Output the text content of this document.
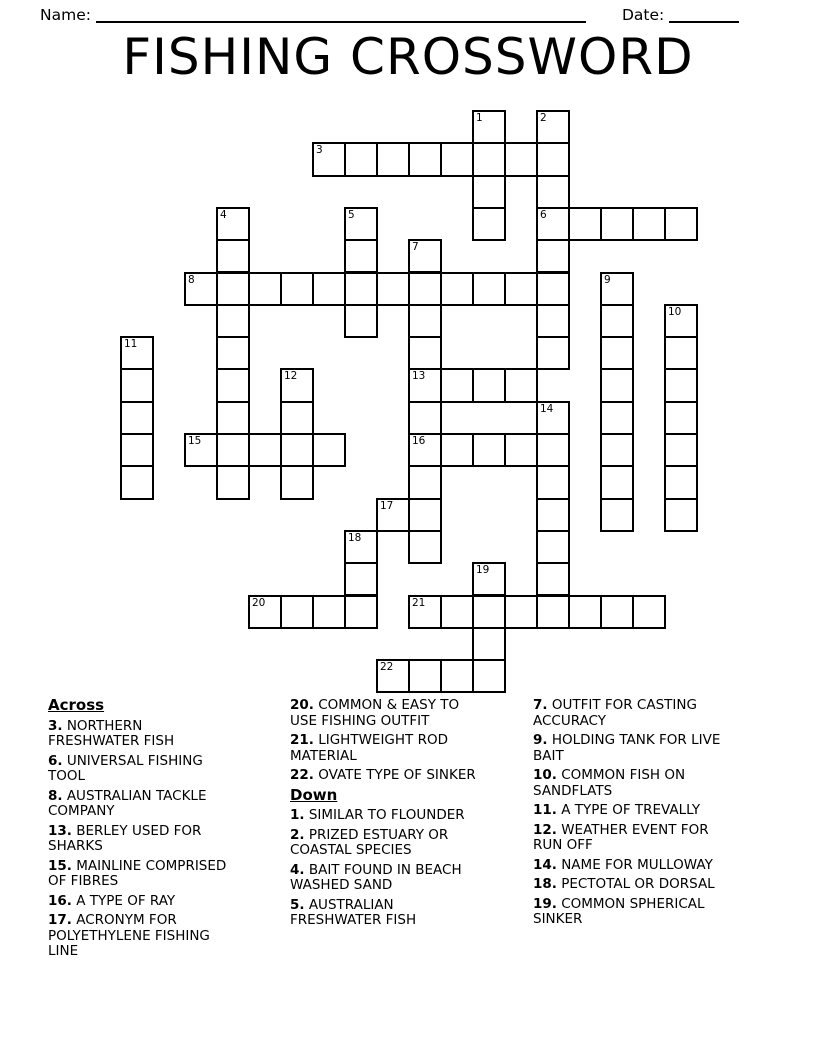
Name:	Date:
FISHING CROSSWORD
1	2
6
3
4	5
7
13
16
8	9
10
11
12
14
15
17
18
19
20	21
22
Across
3. NORTHERN FRESHWATER FISH
6. UNIVERSAL FISHING TOOL
8. AUSTRALIAN TACKLE COMPANY
13. BERLEY USED FOR SHARKS
15. MAINLINE COMPRISED OF FIBRES
16. A TYPE OF RAY
17. ACRONYM FOR POLYETHYLENE FISHING LINE
20. COMMON & EASY TO USE FISHING OUTFIT
21. LIGHTWEIGHT ROD MATERIAL
22. OVATE TYPE OF SINKER
Down
1. SIMILAR TO FLOUNDER
2. PRIZED ESTUARY OR COASTAL SPECIES
4. BAIT FOUND IN BEACH WASHED SAND
5. AUSTRALIAN FRESHWATER FISH
7. OUTFIT FOR CASTING ACCURACY
9. HOLDING TANK FOR LIVE BAIT
10. COMMON FISH ON SANDFLATS
11. A TYPE OF TREVALLY
12. WEATHER EVENT FOR RUN OFF
14. NAME FOR MULLOWAY
18. PECTOTAL OR DORSAL
19. COMMON SPHERICAL SINKER
